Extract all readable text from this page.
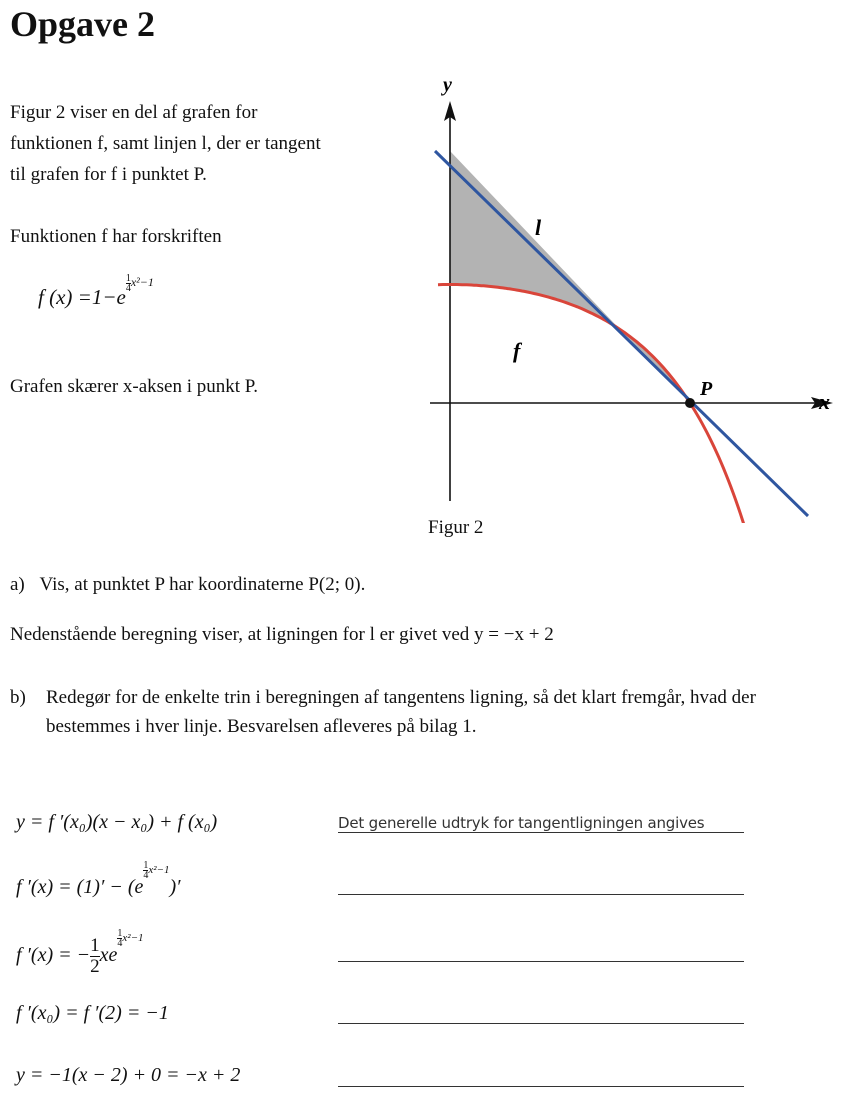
Opgave 2

Figur 2 viser en del af grafen for

funktionen f, samt linjen l, der er tangent

til grafen for f i punktet P.

Funktionen f har forskriften

f (x) =1−e
$^{\frac{1}{4} x^2-1}$
Grafen skærer x-aksen i punkt P.
y
x
l
f
P
Figur 2
a) Vis, at punktet P har koordinaterne P(2; 0).
Nedenstående beregning viser, at ligningen for l er givet ved y = −x + 2
b) Redegør for de enkelte trin i beregningen af tangentens ligning, så det klart fremgår, hvad der bestemmes i hver linje. Besvarelsen afleveres på bilag 1.
y = f ′(x₀)(x − x₀) + f (x₀)	Det generelle udtryk for tangentligningen angives
f ′(x) = (1)′ − (e
$^{\frac{1}{4} x^2-1}$)′
f ′(x) = − $\frac{1}{2}$ xe
$^{\frac{1}{4} x^2-1}$
f ′(x₀) = f ′(2) = −1
y = −1(x − 2) + 0 = −x + 2
